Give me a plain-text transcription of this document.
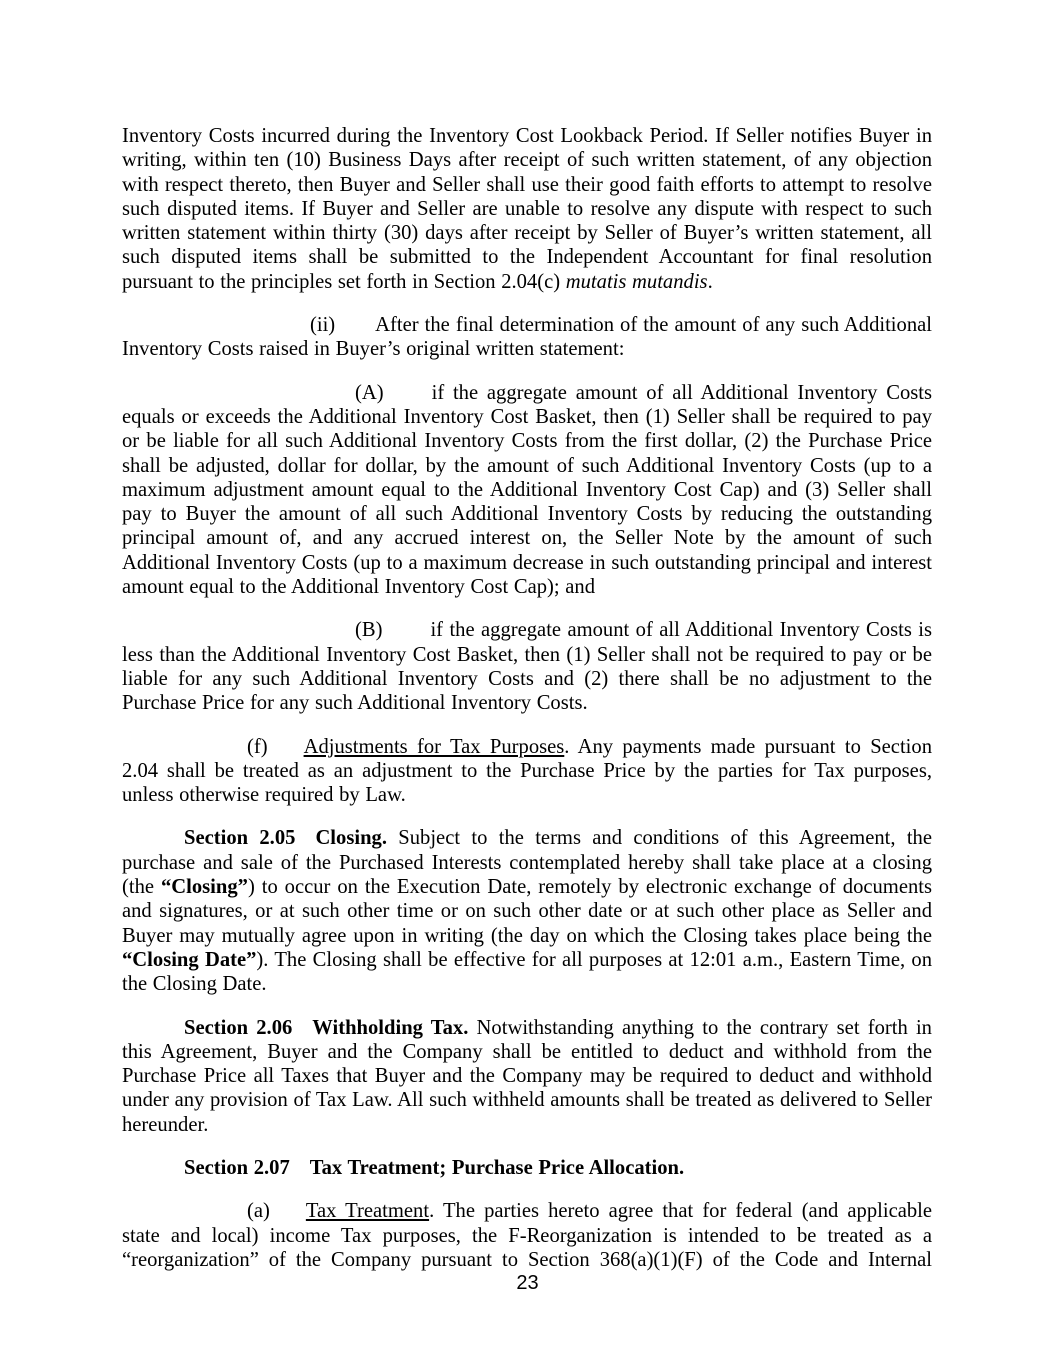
Inventory Costs incurred during the Inventory Cost Lookback Period. If Seller notifies Buyer in writing, within ten (10) Business Days after receipt of such written statement, of any objection with respect thereto, then Buyer and Seller shall use their good faith efforts to attempt to resolve such disputed items. If Buyer and Seller are unable to resolve any dispute with respect to such written statement within thirty (30) days after receipt by Seller of Buyer’s written statement, all such disputed items shall be submitted to the Independent Accountant for final resolution pursuant to the principles set forth in Section 2.04(c) mutatis mutandis.

(ii) After the final determination of the amount of any such Additional Inventory Costs raised in Buyer’s original written statement:

(A) if the aggregate amount of all Additional Inventory Costs equals or exceeds the Additional Inventory Cost Basket, then (1) Seller shall be required to pay or be liable for all such Additional Inventory Costs from the first dollar, (2) the Purchase Price shall be adjusted, dollar for dollar, by the amount of such Additional Inventory Costs (up to a maximum adjustment amount equal to the Additional Inventory Cost Cap) and (3) Seller shall pay to Buyer the amount of all such Additional Inventory Costs by reducing the outstanding principal amount of, and any accrued interest on, the Seller Note by the amount of such Additional Inventory Costs (up to a maximum decrease in such outstanding principal and interest amount equal to the Additional Inventory Cost Cap); and

(B) if the aggregate amount of all Additional Inventory Costs is less than the Additional Inventory Cost Basket, then (1) Seller shall not be required to pay or be liable for any such Additional Inventory Costs and (2) there shall be no adjustment to the Purchase Price for any such Additional Inventory Costs.

(f) Adjustments for Tax Purposes. Any payments made pursuant to Section 2.04 shall be treated as an adjustment to the Purchase Price by the parties for Tax purposes, unless otherwise required by Law.

Section 2.05 Closing. Subject to the terms and conditions of this Agreement, the purchase and sale of the Purchased Interests contemplated hereby shall take place at a closing (the “Closing”) to occur on the Execution Date, remotely by electronic exchange of documents and signatures, or at such other time or on such other date or at such other place as Seller and Buyer may mutually agree upon in writing (the day on which the Closing takes place being the “Closing Date”). The Closing shall be effective for all purposes at 12:01 a.m., Eastern Time, on the Closing Date.

Section 2.06 Withholding Tax. Notwithstanding anything to the contrary set forth in this Agreement, Buyer and the Company shall be entitled to deduct and withhold from the Purchase Price all Taxes that Buyer and the Company may be required to deduct and withhold under any provision of Tax Law. All such withheld amounts shall be treated as delivered to Seller hereunder.

Section 2.07 Tax Treatment; Purchase Price Allocation.

(a) Tax Treatment. The parties hereto agree that for federal (and applicable state and local) income Tax purposes, the F-Reorganization is intended to be treated as a “reorganization” of the Company pursuant to Section 368(a)(1)(F) of the Code and Internal

23
